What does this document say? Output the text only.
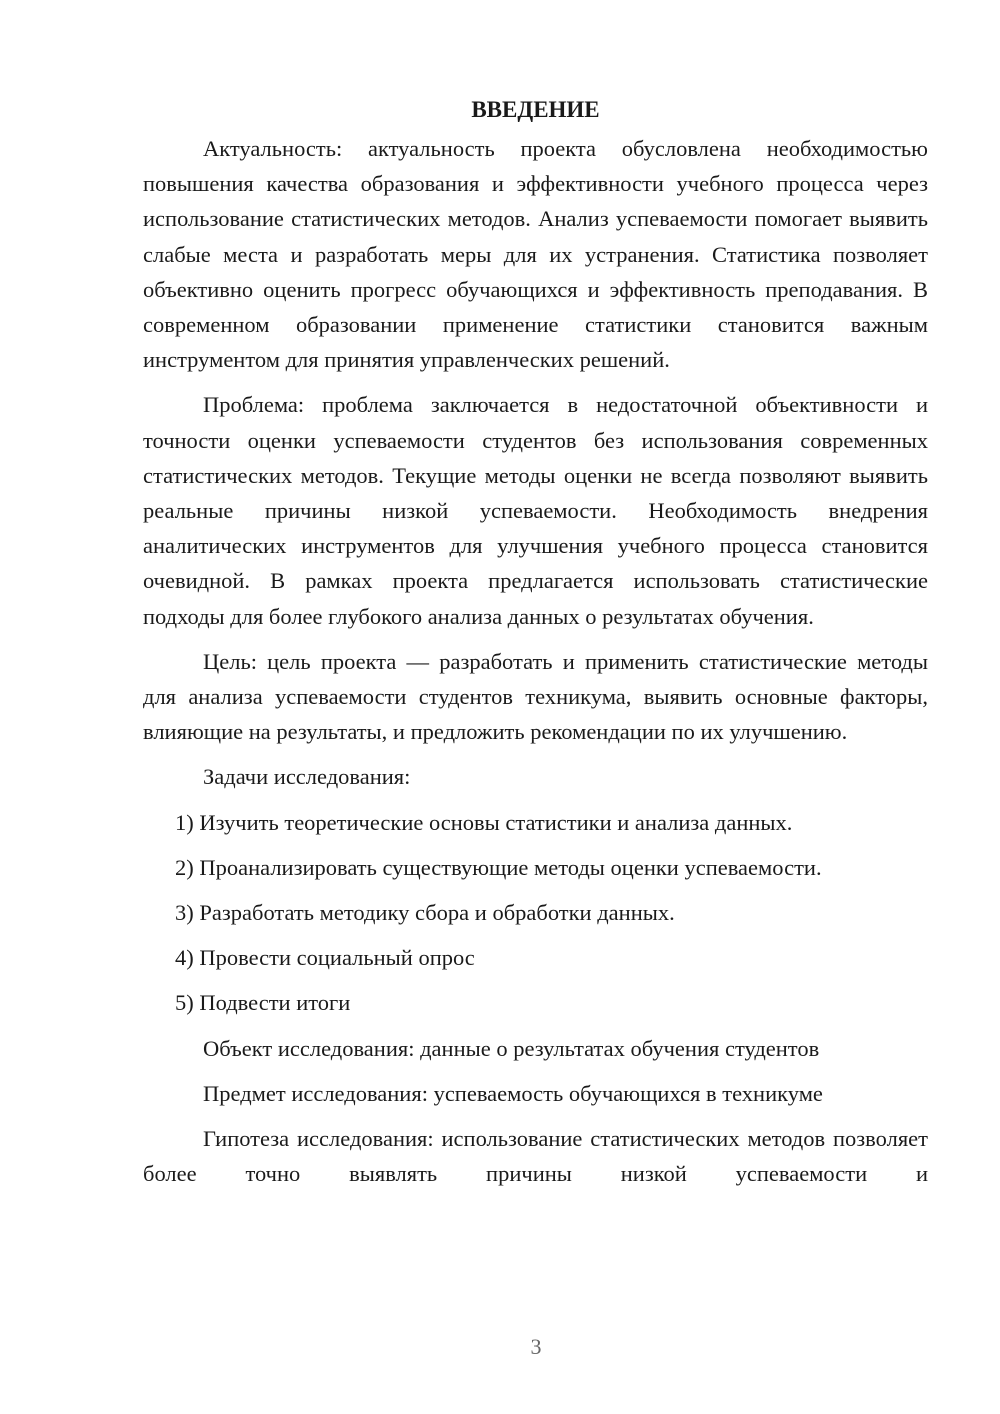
ВВЕДЕНИЕ

Актуальность: актуальность проекта обусловлена необходимостью повышения качества образования и эффективности учебного процесса через использование статистических методов. Анализ успеваемости помогает выявить слабые места и разработать меры для их устранения. Статистика позволяет объективно оценить прогресс обучающихся и эффективность преподавания. В современном образовании применение статистики становится важным инструментом для принятия управленческих решений.

Проблема: проблема заключается в недостаточной объективности и точности оценки успеваемости студентов без использования современных статистических методов. Текущие методы оценки не всегда позволяют выявить реальные причины низкой успеваемости. Необходимость внедрения аналитических инструментов для улучшения учебного процесса становится очевидной. В рамках проекта предлагается использовать статистические подходы для более глубокого анализа данных о результатах обучения.

Цель: цель проекта — разработать и применить статистические методы для анализа успеваемости студентов техникума, выявить основные факторы, влияющие на результаты, и предложить рекомендации по их улучшению.

Задачи исследования:

1) Изучить теоретические основы статистики и анализа данных.

2) Проанализировать существующие методы оценки успеваемости.

3) Разработать методику сбора и обработки данных.

4) Провести социальный опрос

5) Подвести итоги

Объект исследования: данные о результатах обучения студентов

Предмет исследования: успеваемость обучающихся в техникуме

Гипотеза исследования: использование статистических методов позволяет более точно выявлять причины низкой успеваемости и

3
